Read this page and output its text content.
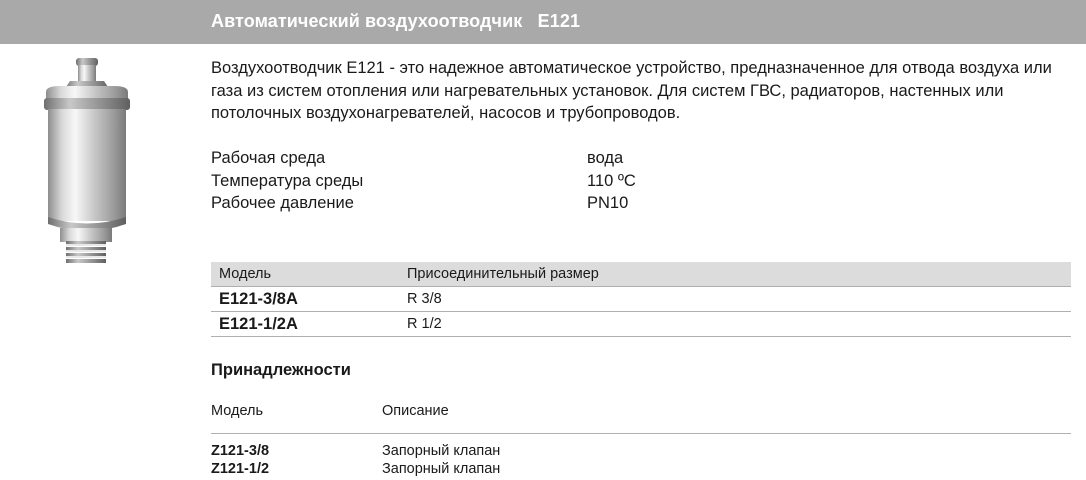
Автоматический воздухоотводчик   E121

Воздухоотводчик E121 - это надежное автоматическое устройство, предназначенное для отвода воздуха или газа из систем отопления или нагревательных установок. Для систем ГВС, радиаторов, настенных или потолочных воздухонагревателей, насосов и трубопроводов.

Рабочая среда	вода
Температура среды	110 ºC
Рабочее давление	PN10
Модель	Присоединительный размер
E121-3/8A	R 3/8
E121-1/2A	R 1/2
Принадлежности
Модель	Описание
Z121-3/8	Запорный клапан
Z121-1/2	Запорный клапан
